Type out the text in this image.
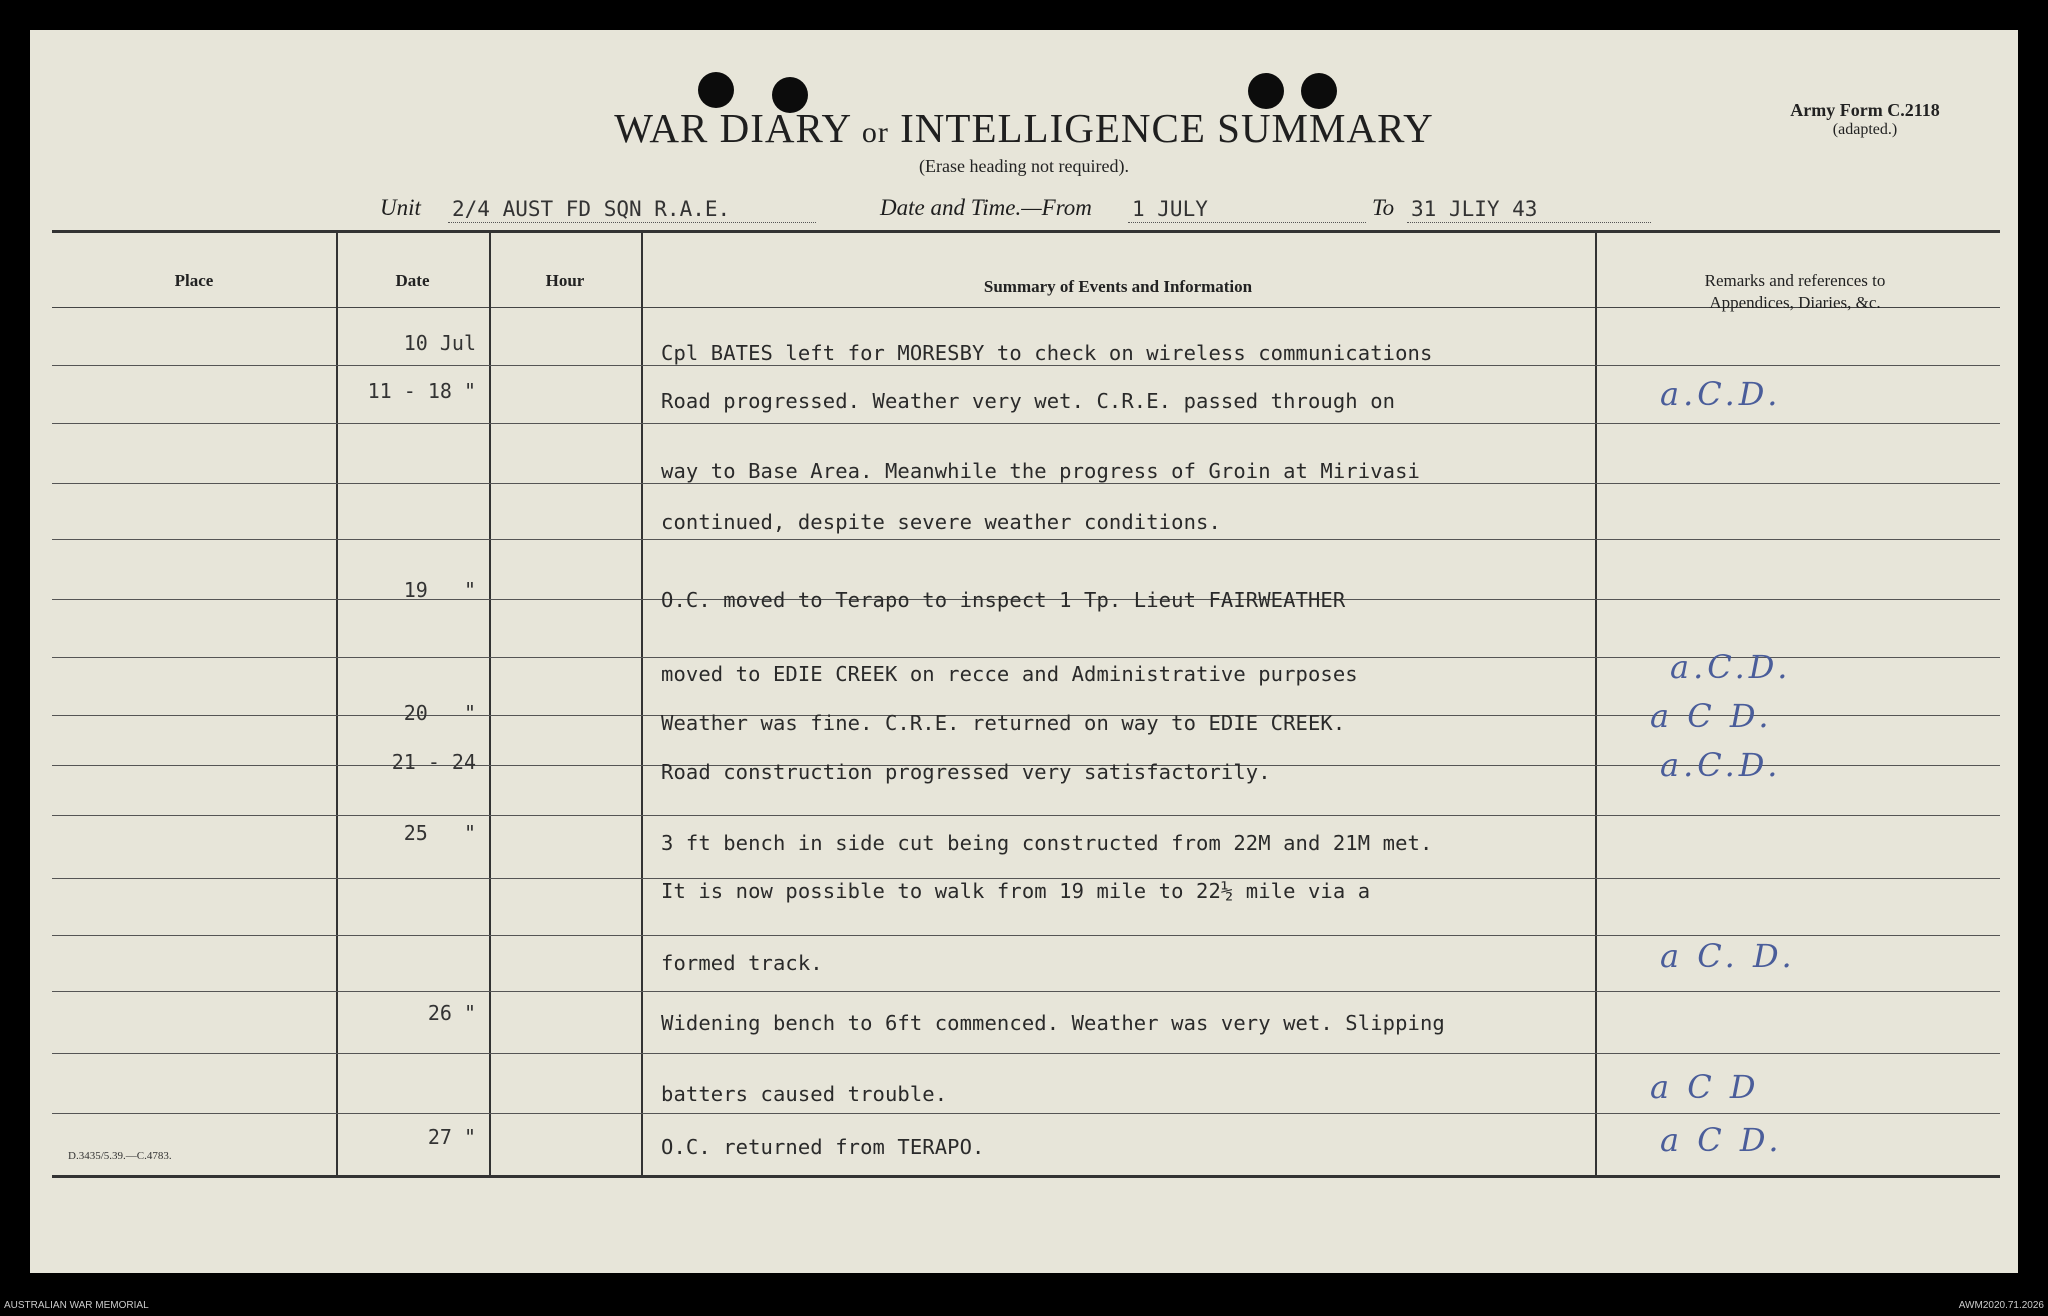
WAR DIARY or INTELLIGENCE SUMMARY
(Erase heading not required).
Army Form C.2118
(adapted.)
Unit 2/4 AUST FD SQN R.A.E.	Date and Time.—From 1 JULY	To 31 JLIY 43
Place	Date	Hour	Summary of Events and Information	Remarks and references to
Appendices, Diaries, &c.
10 Jul	Cpl BATES left for MORESBY to check on wireless communications
11 - 18 "	Road progressed. Weather very wet. C.R.E. passed through on	a.C.D.
way to Base Area. Meanwhile the progress of Groin at Mirivasi
continued, despite severe weather conditions.
19   "	O.C. moved to Terapo to inspect 1 Tp. Lieut FAIRWEATHER
moved to EDIE CREEK on recce and Administrative purposes	a.C.D.
20   "	Weather was fine. C.R.E. returned on way to EDIE CREEK.	a C D.
21 - 24	Road construction progressed very satisfactorily.	a.C.D.
25   "	3 ft bench in side cut being constructed from 22M and 21M met.
It is now possible to walk from 19 mile to 22½ mile via a
formed track.	a C. D.
26 "	Widening bench to 6ft commenced. Weather was very wet. Slipping
batters caused trouble.	a C D
27 "	O.C. returned from TERAPO.	a C D.
D.3435/5.39.—C.4783.
AUSTRALIAN WAR MEMORIAL	AWM2020.71.2026
